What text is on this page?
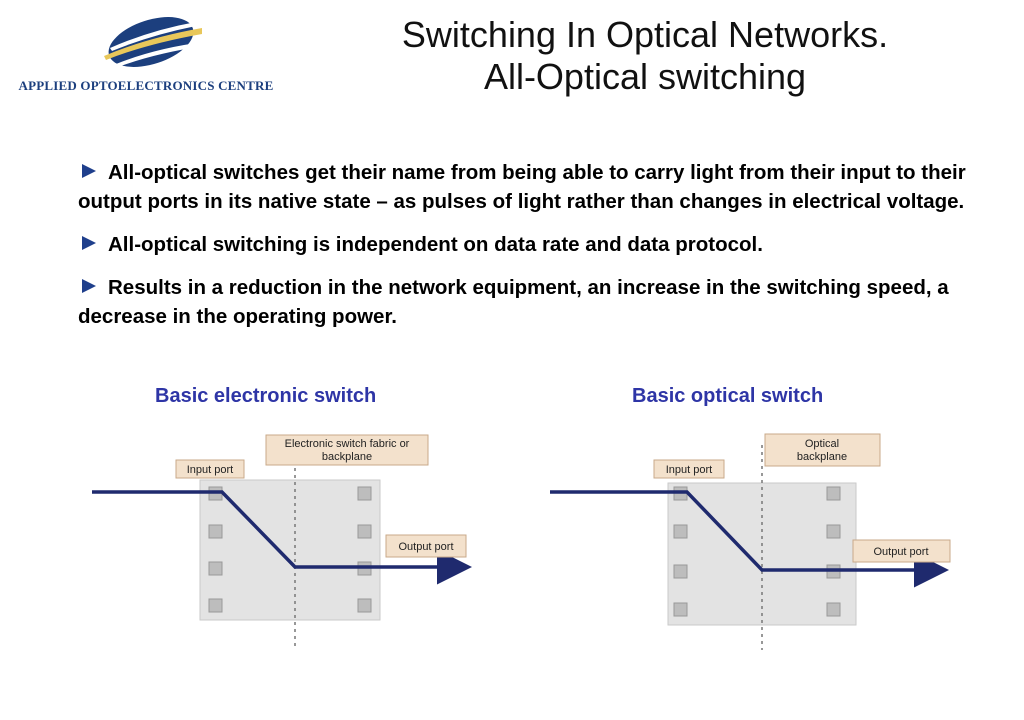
APPLIED OPTOELECTRONICS CENTRE
Switching In Optical Networks.
All-Optical switching
All-optical switches get their name from being able to carry light from their input to their output ports in its native state – as pulses of light rather than changes in electrical voltage.
All-optical switching is independent on data rate and data protocol.
Results in a reduction in the network equipment, an increase in the switching speed, a decrease in the operating power.
Basic electronic switch	Basic optical switch
Electronic switch fabric or
backplane
Input port
Output port
Optical
backplane
Input port
Output port
